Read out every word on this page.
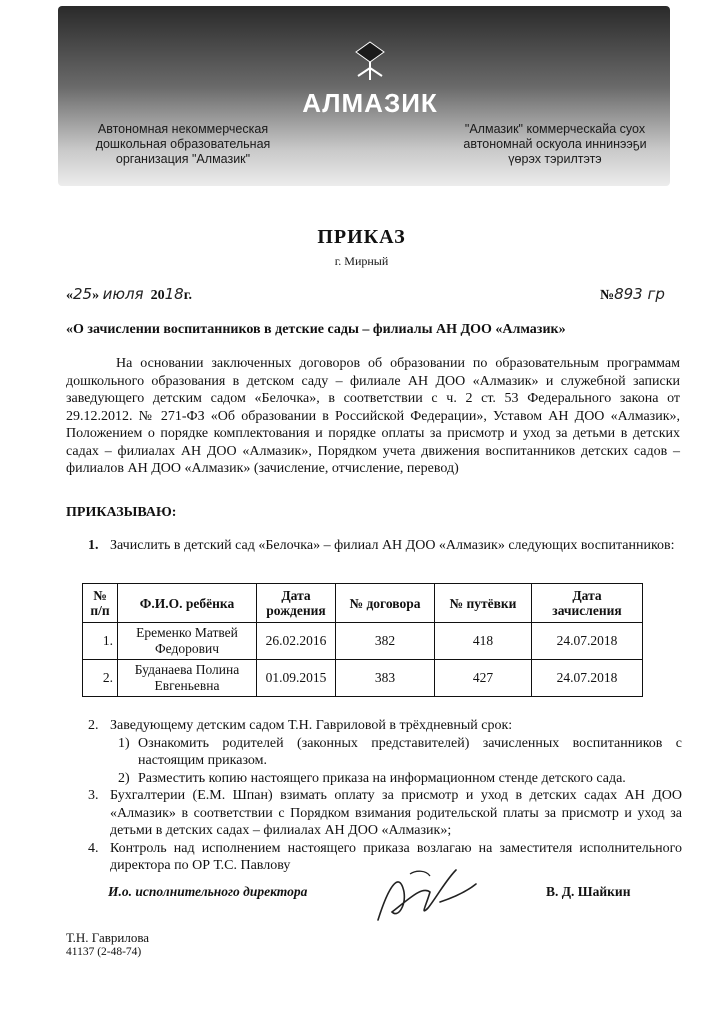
АЛМАЗИК
Автономная некоммерческая
дошкольная образовательная
организация "Алмазик"
"Алмазик" коммерческайа суох
автономнай оскуола иннинээҕи
үөрэх тэрилтэтэ
ПРИКАЗ
г. Мирный
«25» июля 2018г.	№893 гр
«О зачислении воспитанников в детские сады – филиалы АН ДОО «Алмазик»
На основании заключенных договоров об образовании по образовательным программам дошкольного образования в детском саду – филиале АН ДОО «Алмазик» и служебной записки заведующего детским садом «Белочка», в соответствии с ч. 2 ст. 53 Федерального закона от 29.12.2012. № 271-ФЗ «Об образовании в Российской Федерации», Уставом АН ДОО «Алмазик», Положением о порядке комплектования и порядке оплаты за присмотр и уход за детьми в детских садах – филиалах АН ДОО «Алмазик», Порядком учета движения воспитанников детских садов – филиалов АН ДОО «Алмазик» (зачисление, отчисление, перевод)
ПРИКАЗЫВАЮ:
1. Зачислить в детский сад «Белочка» – филиал АН ДОО «Алмазик» следующих воспитанников:
№ п/п	Ф.И.О. ребёнка	Дата рождения	№ договора	№ путёвки	Дата зачисления
1.	Еременко Матвей Федорович	26.02.2016	382	418	24.07.2018
2.	Буданаева Полина Евгеньевна	01.09.2015	383	427	24.07.2018
2. Заведующему детским садом Т.Н. Гавриловой в трёхдневный срок:
1) Ознакомить родителей (законных представителей) зачисленных воспитанников с настоящим приказом.
2) Разместить копию настоящего приказа на информационном стенде детского сада.
3. Бухгалтерии (Е.М. Шпан) взимать оплату за присмотр и уход в детских садах АН ДОО «Алмазик» в соответствии с Порядком взимания родительской платы за присмотр и уход за детьми в детских садах – филиалах АН ДОО «Алмазик»;
4. Контроль над исполнением настоящего приказа возлагаю на заместителя исполнительного директора по ОР Т.С. Павлову
И.о. исполнительного директора	В. Д. Шайкин
Т.Н. Гаврилова
41137 (2-48-74)
